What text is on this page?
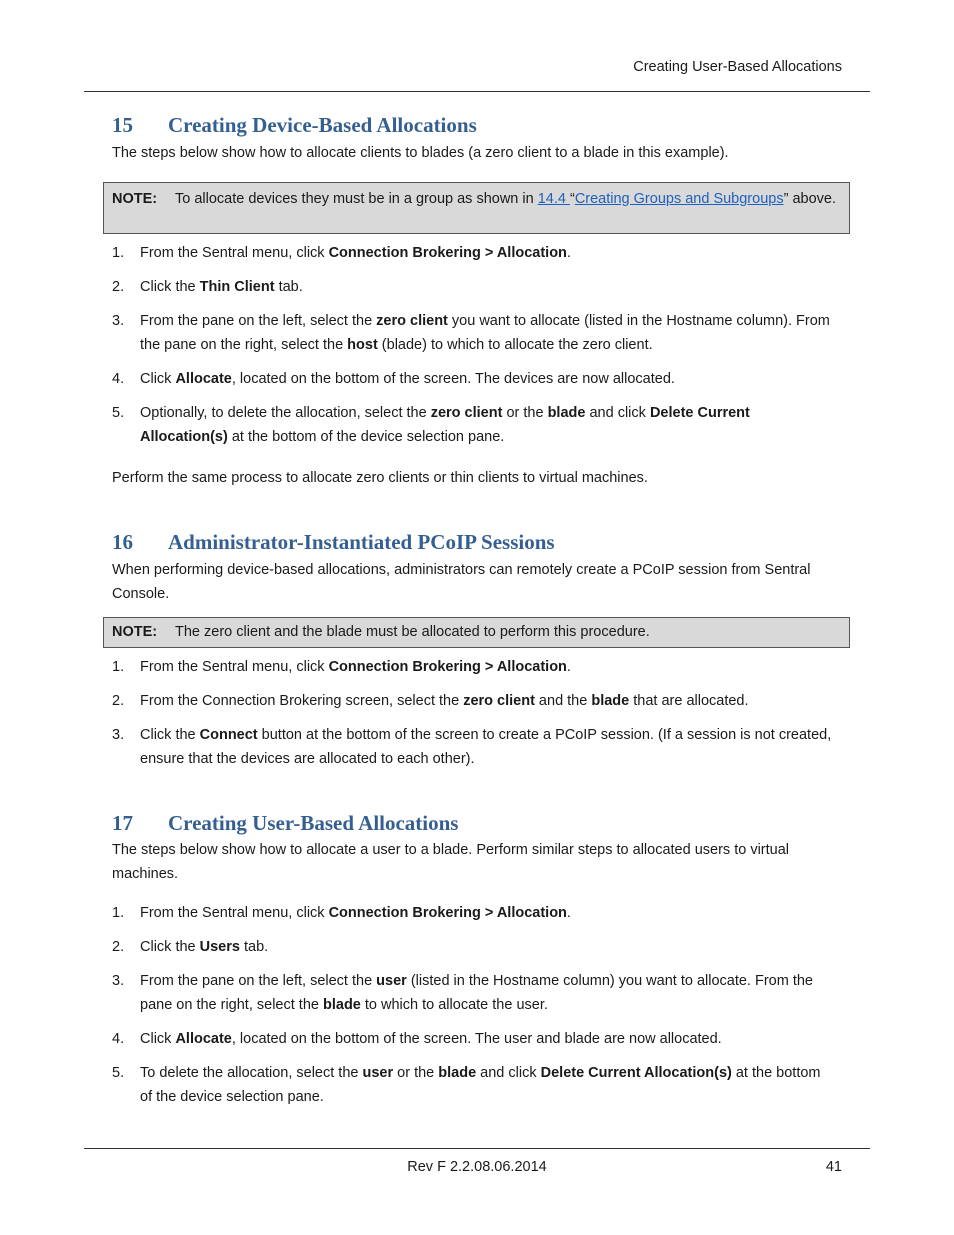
Creating User-Based Allocations
15 Creating Device-Based Allocations
The steps below show how to allocate clients to blades (a zero client to a blade in this example).
NOTE:	To allocate devices they must be in a group as shown in 14.4 “Creating Groups and Subgroups” above.
1.	From the Sentral menu, click Connection Brokering > Allocation.
2.	Click the Thin Client tab.
3.	From the pane on the left, select the zero client you want to allocate (listed in the Hostname column). From the pane on the right, select the host (blade) to which to allocate the zero client.
4.	Click Allocate, located on the bottom of the screen. The devices are now allocated.
5.	Optionally, to delete the allocation, select the zero client or the blade and click Delete Current Allocation(s) at the bottom of the device selection pane.
Perform the same process to allocate zero clients or thin clients to virtual machines.
16 Administrator-Instantiated PCoIP Sessions
When performing device-based allocations, administrators can remotely create a PCoIP session from Sentral Console.
NOTE:	The zero client and the blade must be allocated to perform this procedure.
1.	From the Sentral menu, click Connection Brokering > Allocation.
2.	From the Connection Brokering screen, select the zero client and the blade that are allocated.
3.	Click the Connect button at the bottom of the screen to create a PCoIP session. (If a session is not created, ensure that the devices are allocated to each other).
17 Creating User-Based Allocations
The steps below show how to allocate a user to a blade. Perform similar steps to allocated users to virtual machines.
1.	From the Sentral menu, click Connection Brokering > Allocation.
2.	Click the Users tab.
3.	From the pane on the left, select the user (listed in the Hostname column) you want to allocate. From the pane on the right, select the blade to which to allocate the user.
4.	Click Allocate, located on the bottom of the screen. The user and blade are now allocated.
5.	To delete the allocation, select the user or the blade and click Delete Current Allocation(s) at the bottom of the device selection pane.
Rev F 2.2.08.06.2014	41
